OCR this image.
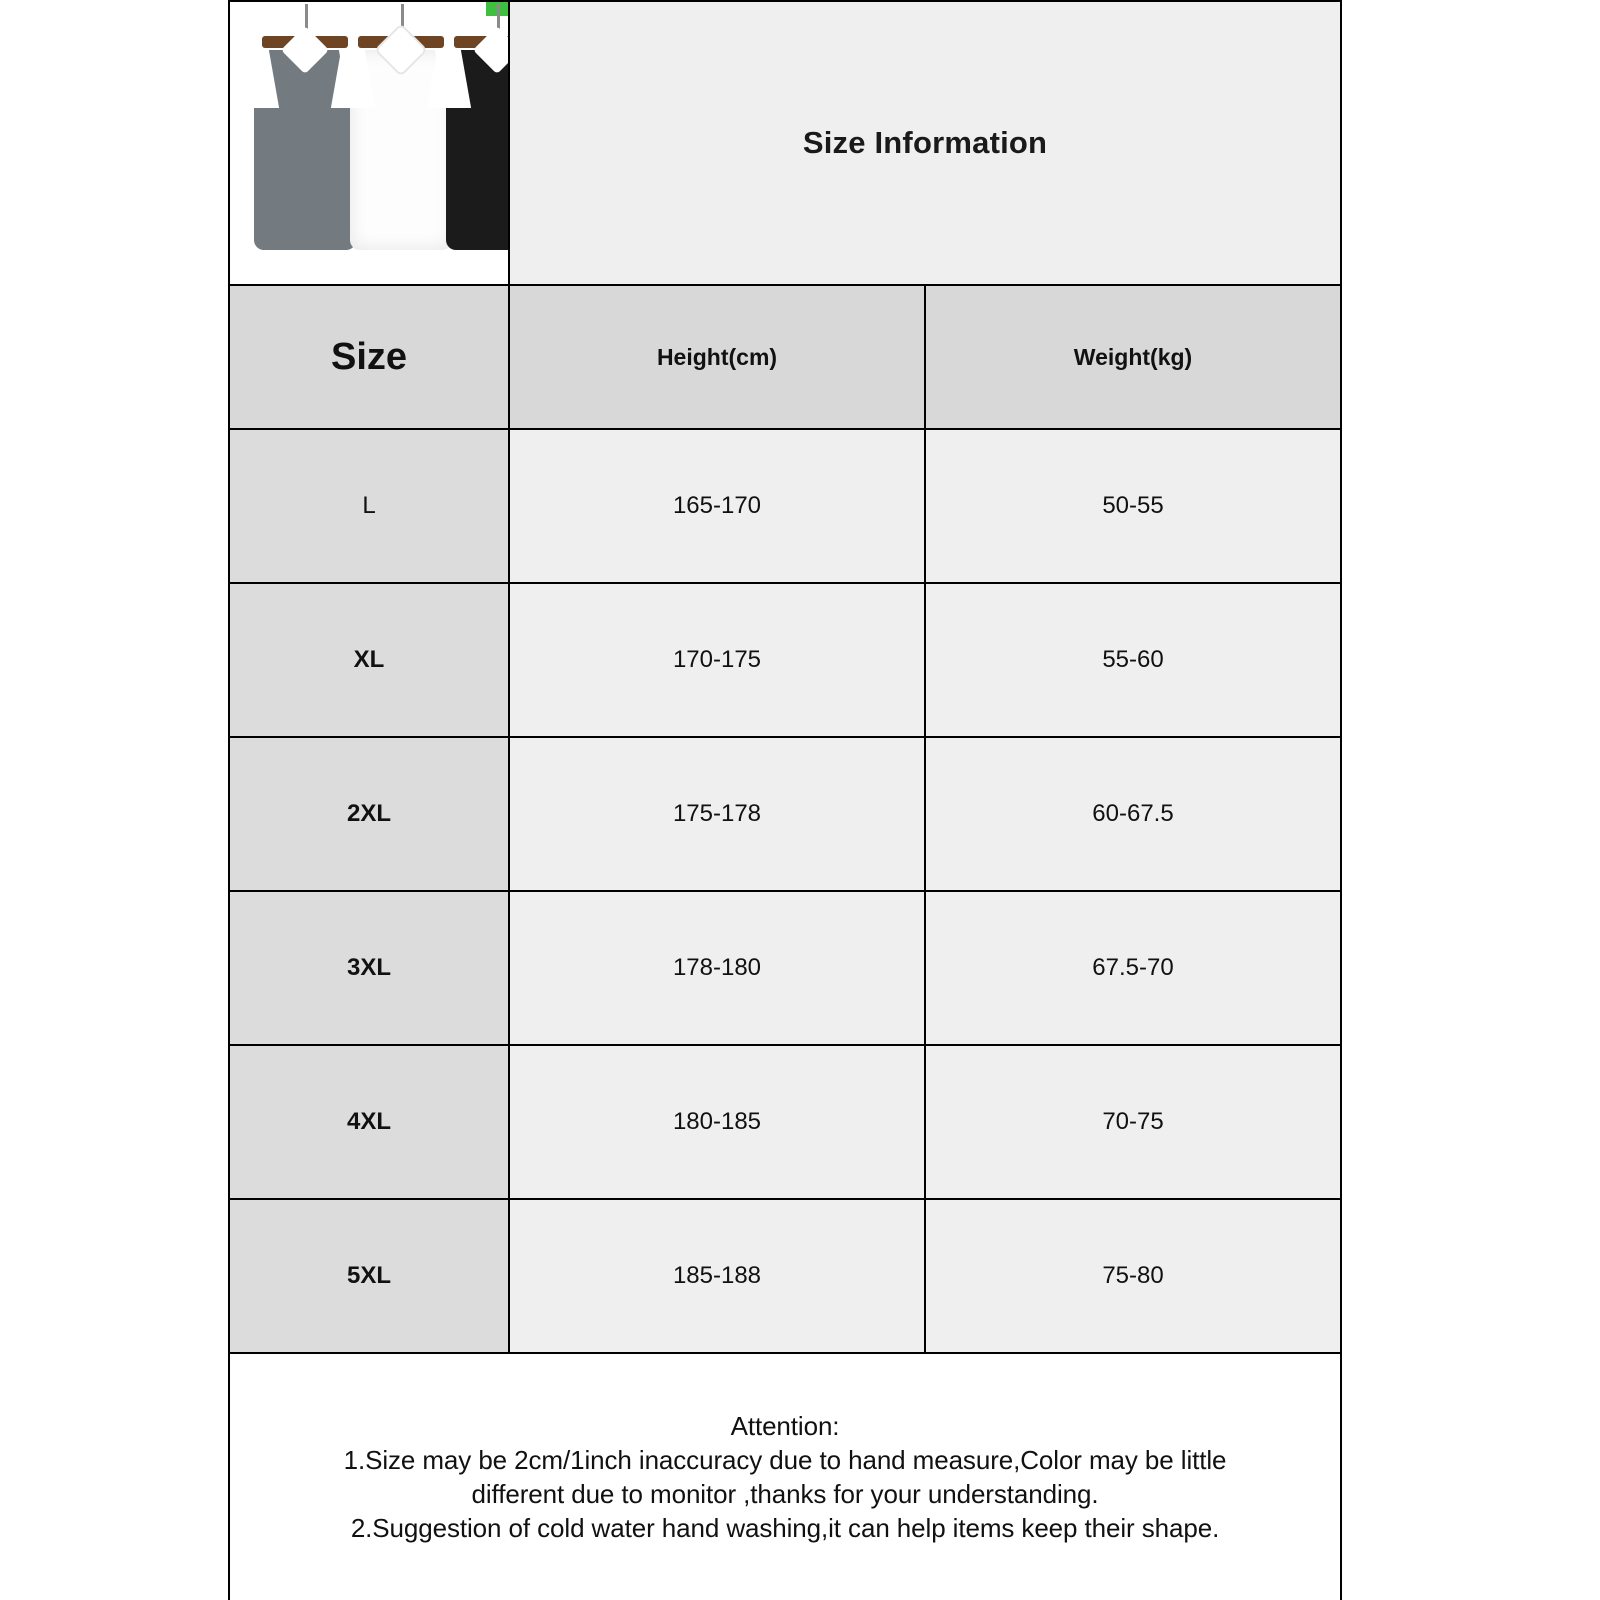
	Size Information	
Size	Height(cm)	Weight(kg)
L	165-170	50-55
XL	170-175	55-60
2XL	175-178	60-67.5
3XL	178-180	67.5-70
4XL	180-185	70-75
5XL	185-188	75-80

Attention:
1.Size may be 2cm/1inch inaccuracy due to hand measure,Color may be little
different due to monitor ,thanks for your understanding.
2.Suggestion of cold water hand washing,it can help items keep their shape.		
